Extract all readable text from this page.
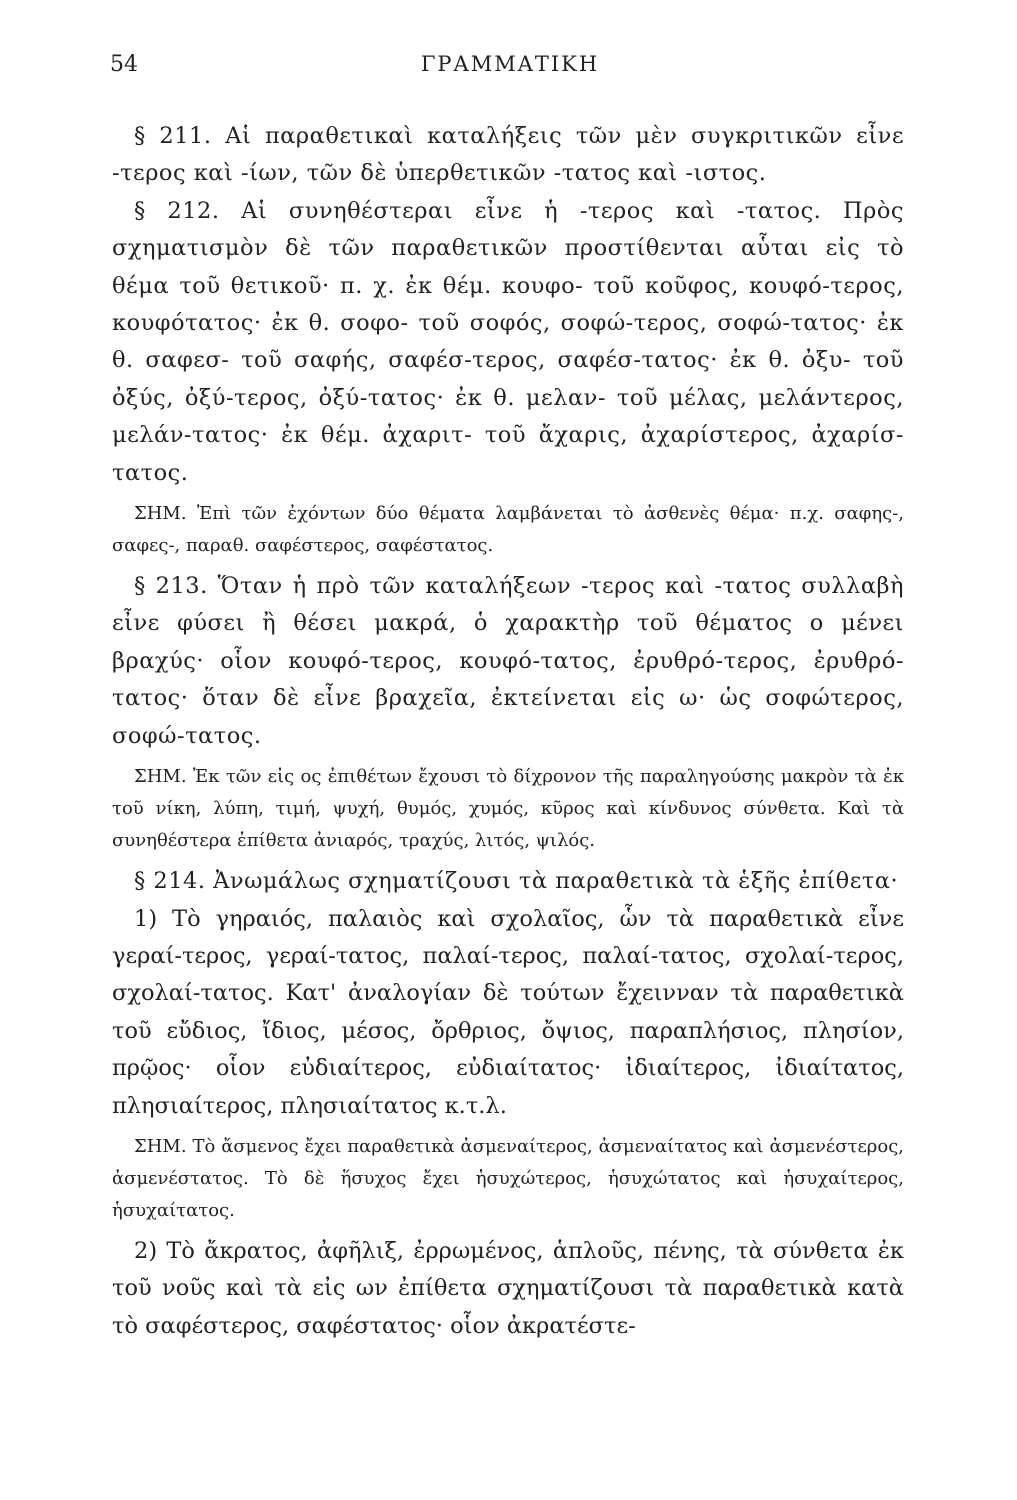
54	ΓΡΑΜΜΑΤΙΚΗ

§ 211. Αἱ παραθετικαὶ καταλήξεις τῶν μὲν συγκριτικῶν εἶνε -τερος καὶ -ίων, τῶν δὲ ὑπερθετικῶν -τατος καὶ -ιστος.

§ 212. Αἱ συνηθέστεραι εἶνε ἡ -τερος καὶ -τατος. Πρὸς σχηματισμὸν δὲ τῶν παραθετικῶν προστίθενται αὗται εἰς τὸ θέμα τοῦ θετικοῦ· π. χ. ἐκ θέμ. κουφο- τοῦ κοῦφος, κουφό-τερος, κουφότατος· ἐκ θ. σοφο- τοῦ σοφός, σοφώ-τερος, σοφώ-τατος· ἐκ θ. σαφεσ- τοῦ σαφής, σαφέσ-τερος, σαφέσ-τατος· ἐκ θ. ὀξυ- τοῦ ὀξύς, ὀξύ-τερος, ὀξύ-τατος· ἐκ θ. μελαν- τοῦ μέλας, μελάντερος, μελάν-τατος· ἐκ θέμ. ἀχαριτ- τοῦ ἄχαρις, ἀχαρίστερος, ἀχαρίσ-τατος.

ΣΗΜ. Ἐπὶ τῶν ἐχόντων δύο θέματα λαμβάνεται τὸ ἀσθενὲς θέμα· π.χ. σαφης-, σαφες-, παραθ. σαφέστερος, σαφέστατος.

§ 213. Ὅταν ἡ πρὸ τῶν καταλήξεων -τερος καὶ -τατος συλλαβὴ εἶνε φύσει ἢ θέσει μακρά, ὁ χαρακτὴρ τοῦ θέματος ο μένει βραχύς· οἷον κουφό-τερος, κουφό-τατος, ἐρυθρό-τερος, ἐρυθρό-τατος· ὅταν δὲ εἶνε βραχεῖα, ἐκτείνεται εἰς ω· ὡς σοφώτερος, σοφώ-τατος.

ΣΗΜ. Ἐκ τῶν εἰς ος ἐπιθέτων ἔχουσι τὸ δίχρονον τῆς παραληγούσης μακρὸν τὰ ἐκ τοῦ νίκη, λύπη, τιμή, ψυχή, θυμός, χυμός, κῦρος καὶ κίνδυνος σύνθετα. Καὶ τὰ συνηθέστερα ἐπίθετα ἀνιαρός, τραχύς, λιτός, ψιλός.

§ 214. Ἀνωμάλως σχηματίζουσι τὰ παραθετικὰ τὰ ἑξῆς ἐπίθετα·

1) Τὸ γηραιός, παλαιὸς καὶ σχολαῖος, ὧν τὰ παραθετικὰ εἶνε γεραί-τερος, γεραί-τατος, παλαί-τερος, παλαί-τατος, σχολαί-τερος, σχολαί-τατος. Κατ' ἀναλογίαν δὲ τούτων ἔχεινναν τὰ παραθετικὰ τοῦ εὔδιος, ἴδιος, μέσος, ὄρθριος, ὄψιος, παραπλήσιος, πλησίον, πρῷος· οἷον εὐδιαίτερος, εὐδιαίτατος· ἰδιαίτερος, ἰδιαίτατος, πλησιαίτερος, πλησιαίτατος κ.τ.λ.

ΣΗΜ. Τὸ ἄσμενος ἔχει παραθετικὰ ἀσμεναίτερος, ἀσμεναίτατος καὶ ἀσμενέστερος, ἀσμενέστατος. Τὸ δὲ ἥσυχος ἔχει ἡσυχώτερος, ἡσυχώτατος καὶ ἡσυχαίτερος, ἡσυχαίτατος.

2) Τὸ ἄκρατος, ἀφῆλιξ, ἐρρωμένος, ἁπλοῦς, πένης, τὰ σύνθετα ἐκ τοῦ νοῦς καὶ τὰ εἰς ων ἐπίθετα σχηματίζουσι τὰ παραθετικὰ κατὰ τὸ σαφέστερος, σαφέστατος· οἷον ἀκρατέστε-
